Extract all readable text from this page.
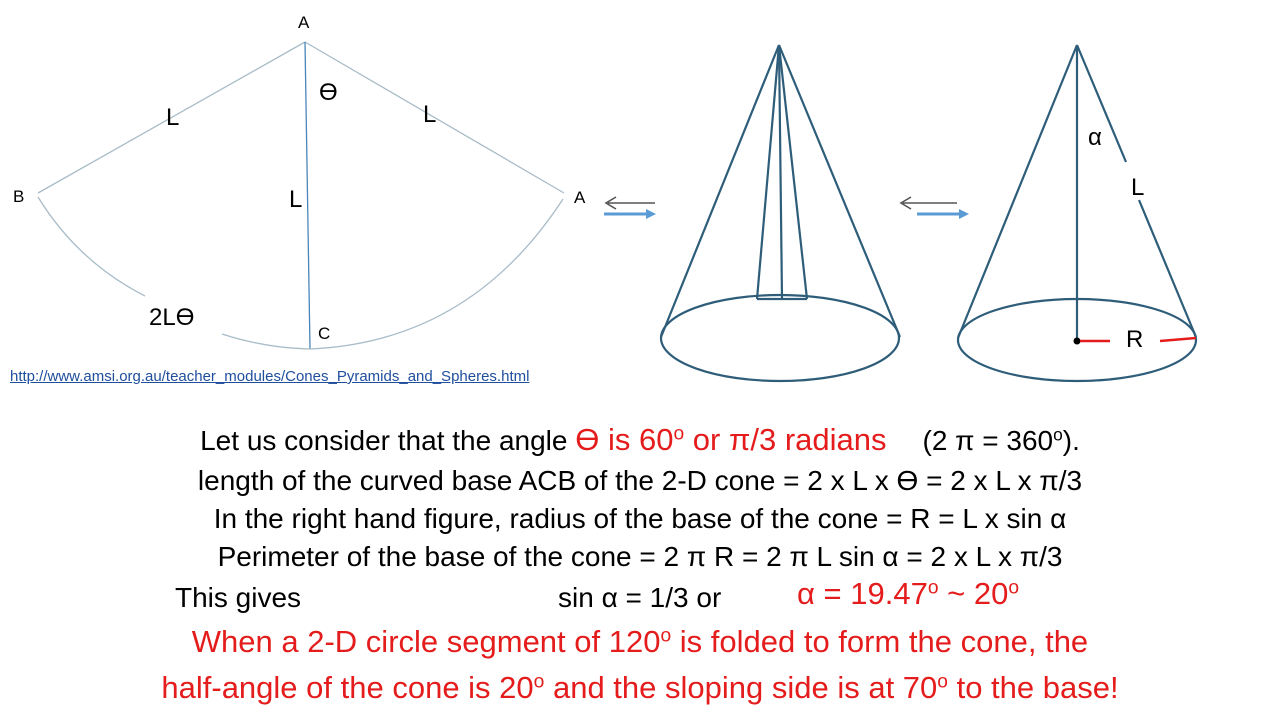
A
L	L
ϴ
L
B	A
2Lϴ
C
α
L
R
http://www.amsi.org.au/teacher_modules/Cones_Pyramids_and_Spheres.html
Let us consider that the angle ϴ is 60$^o$ or π/3 radians (2 $\pi = 360^o$).
length of the curved base ACB of the 2-D cone = 2 x L x ϴ = 2 x L x π/3
In the right hand figure, radius of the base of the cone = R = L x sin α
Perimeter of the base of the cone = 2 π R = 2 π L sin α = 2 x L x π/3
This gives	sin α = 1/3 or $\alpha = 19.47^o$ ~ 20$^o$
When a 2-D circle segment of 120$^o$ is folded to form the cone, the
half-angle of the cone is 20$^o$ and the sloping side is at 70$^o$ to the base!
